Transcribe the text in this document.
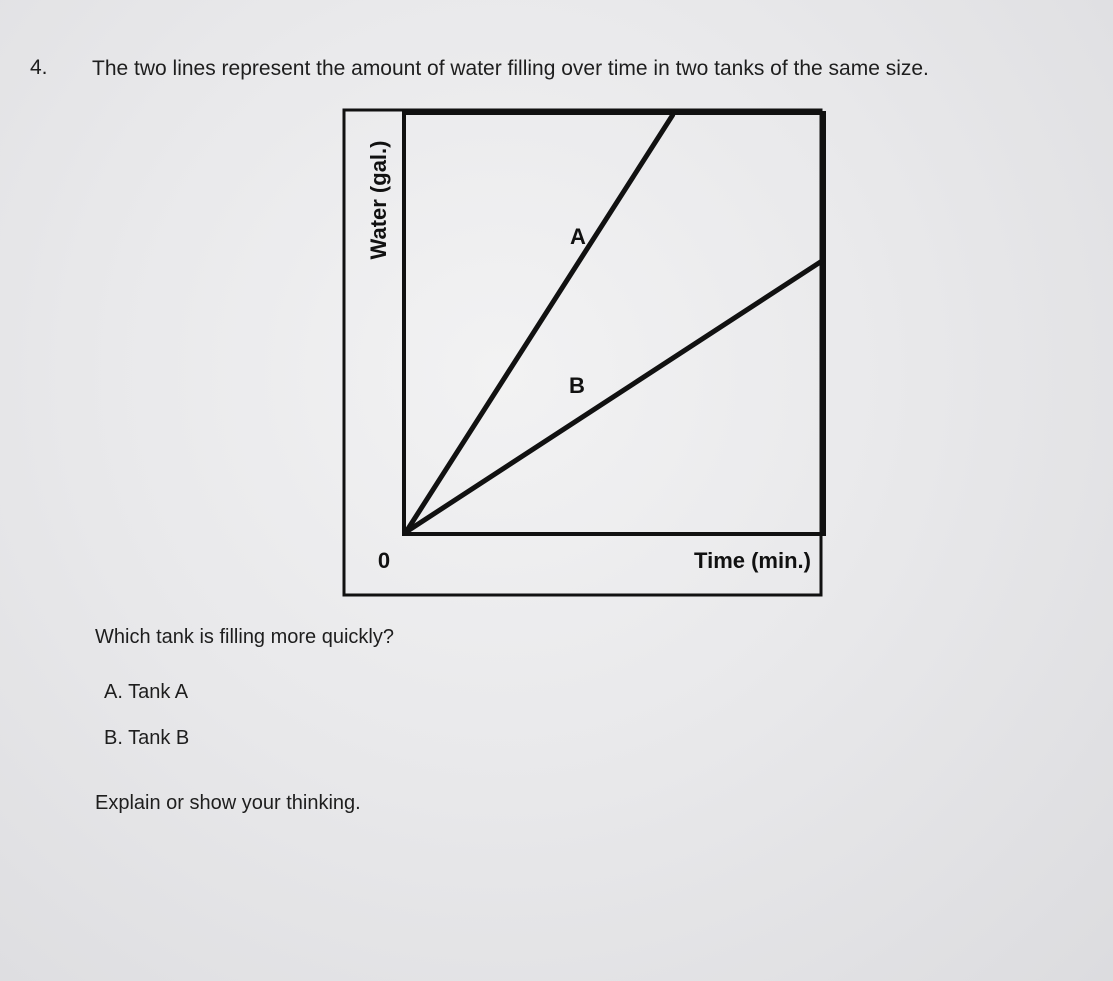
4. The two lines represent the amount of water filling over time in two tanks of the same size.
A
B
Water (gal.)
Time (min.)
0
Which tank is filling more quickly?
A. Tank A
B. Tank B
Explain or show your thinking.
